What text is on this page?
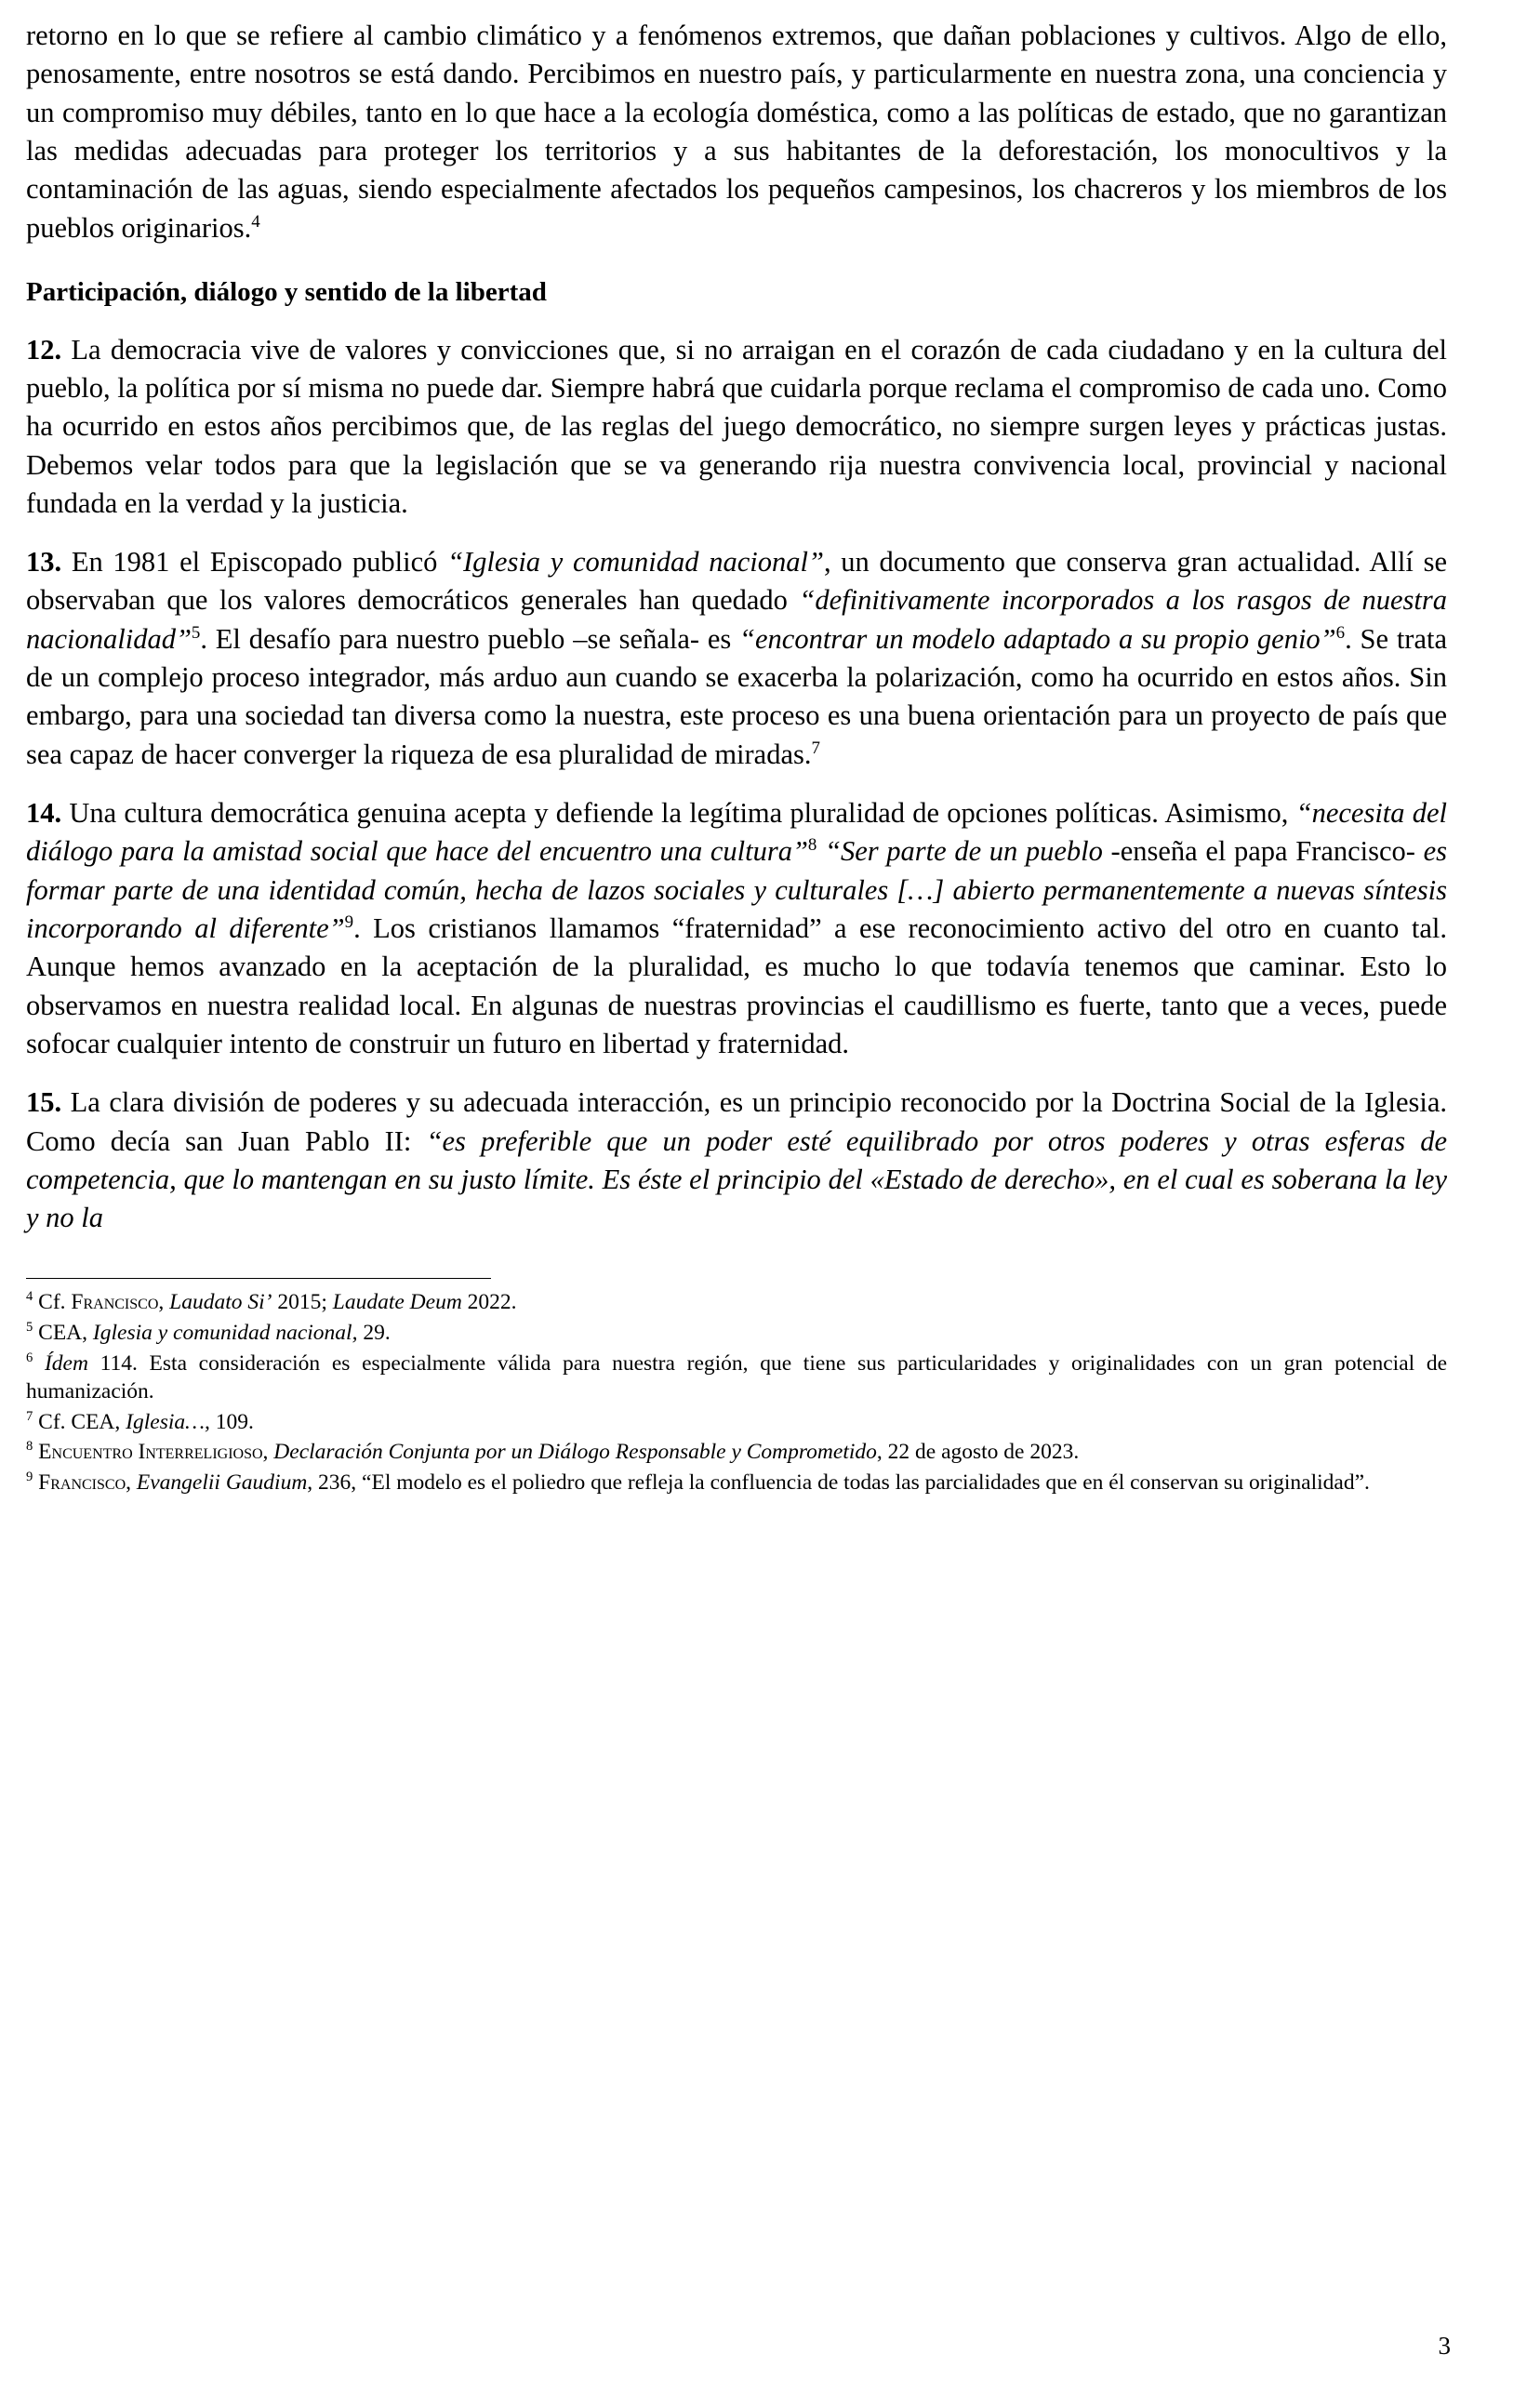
retorno en lo que se refiere al cambio climático y a fenómenos extremos, que dañan poblaciones y cultivos. Algo de ello, penosamente, entre nosotros se está dando. Percibimos en nuestro país, y particularmente en nuestra zona, una conciencia y un compromiso muy débiles, tanto en lo que hace a la ecología doméstica, como a las políticas de estado, que no garantizan las medidas adecuadas para proteger los territorios y a sus habitantes de la deforestación, los monocultivos y la contaminación de las aguas, siendo especialmente afectados los pequeños campesinos, los chacreros y los miembros de los pueblos originarios.$^4$

Participación, diálogo y sentido de la libertad

12. La democracia vive de valores y convicciones que, si no arraigan en el corazón de cada ciudadano y en la cultura del pueblo, la política por sí misma no puede dar. Siempre habrá que cuidarla porque reclama el compromiso de cada uno. Como ha ocurrido en estos años percibimos que, de las reglas del juego democrático, no siempre surgen leyes y prácticas justas. Debemos velar todos para que la legislación que se va generando rija nuestra convivencia local, provincial y nacional fundada en la verdad y la justicia.

13. En 1981 el Episcopado publicó “Iglesia y comunidad nacional”, un documento que conserva gran actualidad. Allí se observaban que los valores democráticos generales han quedado “definitivamente incorporados a los rasgos de nuestra nacionalidad”$^5$. El desafío para nuestro pueblo –se señala- es “encontrar un modelo adaptado a su propio genio”$^6$. Se trata de un complejo proceso integrador, más arduo aun cuando se exacerba la polarización, como ha ocurrido en estos años. Sin embargo, para una sociedad tan diversa como la nuestra, este proceso es una buena orientación para un proyecto de país que sea capaz de hacer converger la riqueza de esa pluralidad de miradas.$^7$

14. Una cultura democrática genuina acepta y defiende la legítima pluralidad de opciones políticas. Asimismo, “necesita del diálogo para la amistad social que hace del encuentro una cultura”$^8$ “Ser parte de un pueblo -enseña el papa Francisco- es formar parte de una identidad común, hecha de lazos sociales y culturales […] abierto permanentemente a nuevas síntesis incorporando al diferente”$^9$. Los cristianos llamamos “fraternidad” a ese reconocimiento activo del otro en cuanto tal. Aunque hemos avanzado en la aceptación de la pluralidad, es mucho lo que todavía tenemos que caminar. Esto lo observamos en nuestra realidad local. En algunas de nuestras provincias el caudillismo es fuerte, tanto que a veces, puede sofocar cualquier intento de construir un futuro en libertad y fraternidad.

15. La clara división de poderes y su adecuada interacción, es un principio reconocido por la Doctrina Social de la Iglesia. Como decía san Juan Pablo II: “es preferible que un poder esté equilibrado por otros poderes y otras esferas de competencia, que lo mantengan en su justo límite. Es éste el principio del «Estado de derecho», en el cual es soberana la ley y no la

$^4$ Cf. Francisco, Laudato Si’ 2015; Laudate Deum 2022.

$^5$ CEA, Iglesia y comunidad nacional, 29.

$^6$ Ídem 114. Esta consideración es especialmente válida para nuestra región, que tiene sus particularidades y originalidades con un gran potencial de humanización.

$^7$ Cf. CEA, Iglesia…, 109.

$^8$ Encuentro Interreligioso, Declaración Conjunta por un Diálogo Responsable y Comprometido, 22 de agosto de 2023.

$^9$ Francisco, Evangelii Gaudium, 236, “El modelo es el poliedro que refleja la confluencia de todas las parcialidades que en él conservan su originalidad”.

3
